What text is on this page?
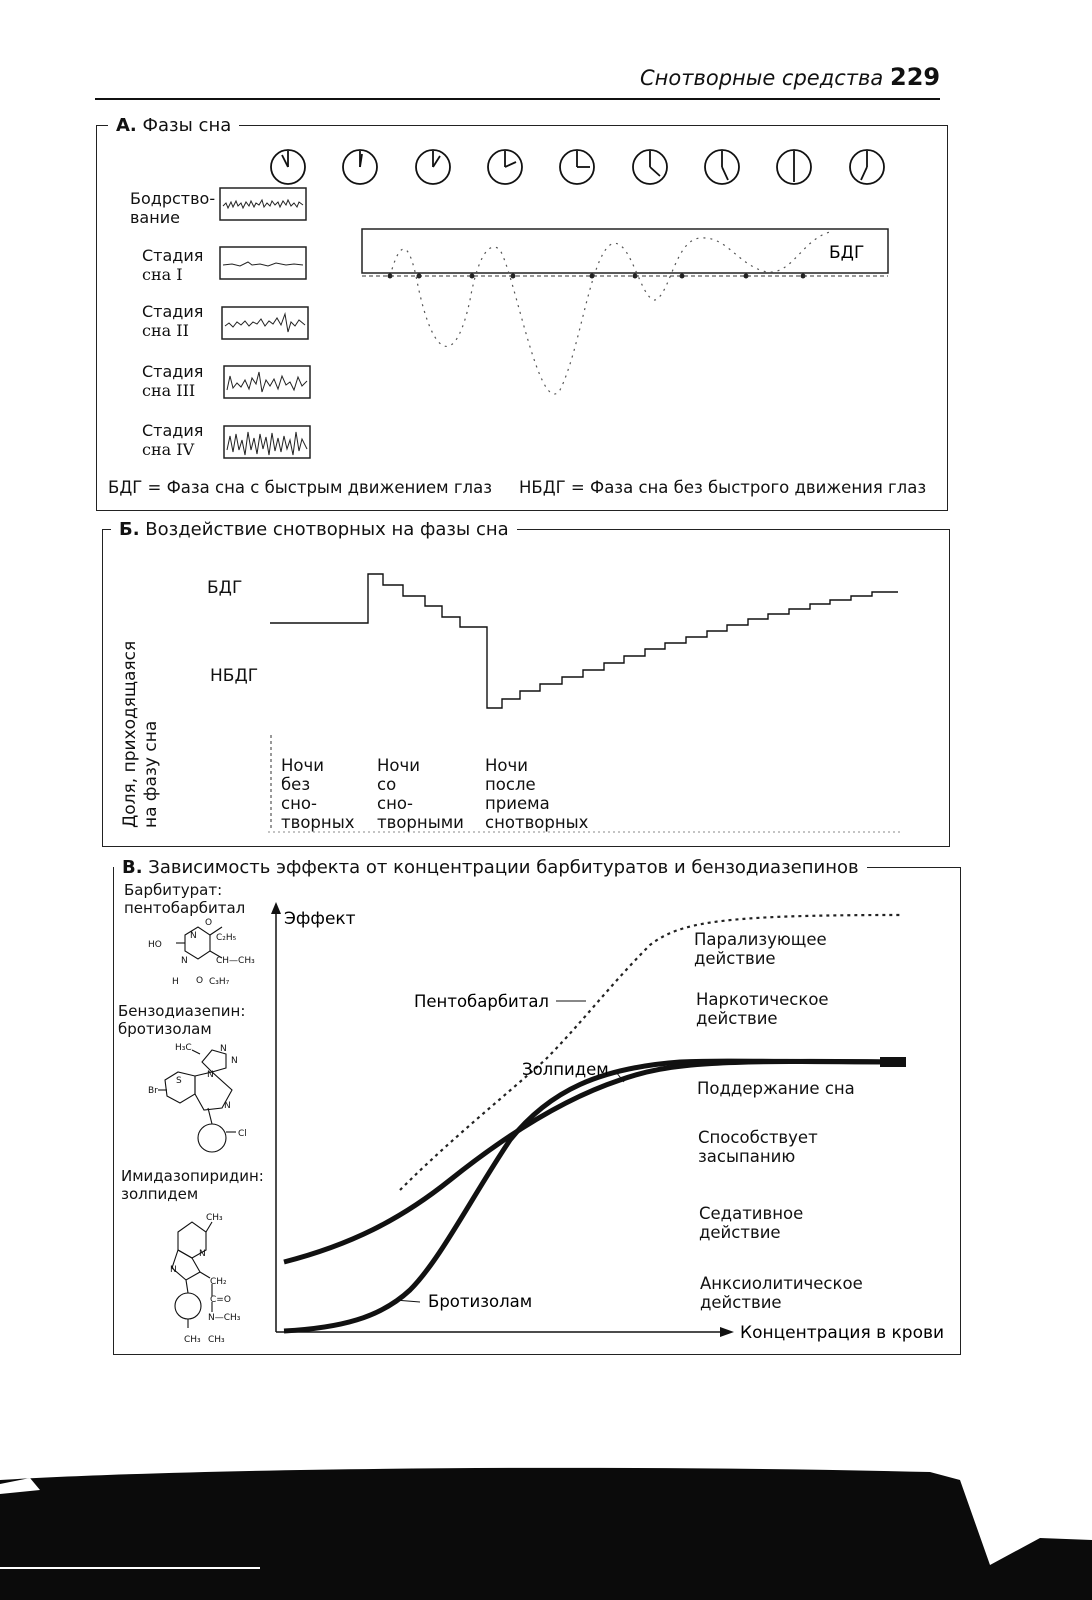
Снотворные средства 229
А. Фазы сна
Бодрство-
вание
Стадия
сна I
Стадия
сна II
Стадия
сна III
Стадия
сна IV
БДГ
БДГ = Фаза сна с быстрым движением глаз НБДГ = Фаза сна без быстрого движения глаз
Б. Воздействие снотворных на фазы сна
БДГ
НБДГ
Доля, приходящаяся
на фазу сна
Ночи
без
сно-
творных
Ночи
со
сно-
творными
Ночи
после
приема
снотворных
В. Зависимость эффекта от концентрации барбитуратов и бензодиазепинов
Барбитурат:
пентобарбитал
Бензодиазепин:
бротизолам
Имидазопиридин:
золпидем
O
N C₂H₅
HO
N	CH—CH₃
H O C₃H₇
H₃C	N
N
N
S
Br
N
Cl
CH₃
N
N
CH₂
C=O
N—CH₃
CH₃ CH₃
Эффект
Концентрация в крови
Пентобарбитал
Золпидем
Бротизолам
Парализующее
действие
Наркотическое
действие
Поддержание сна
Способствует
засыпанию
Седативное
действие
Анксиолитическое
действие
